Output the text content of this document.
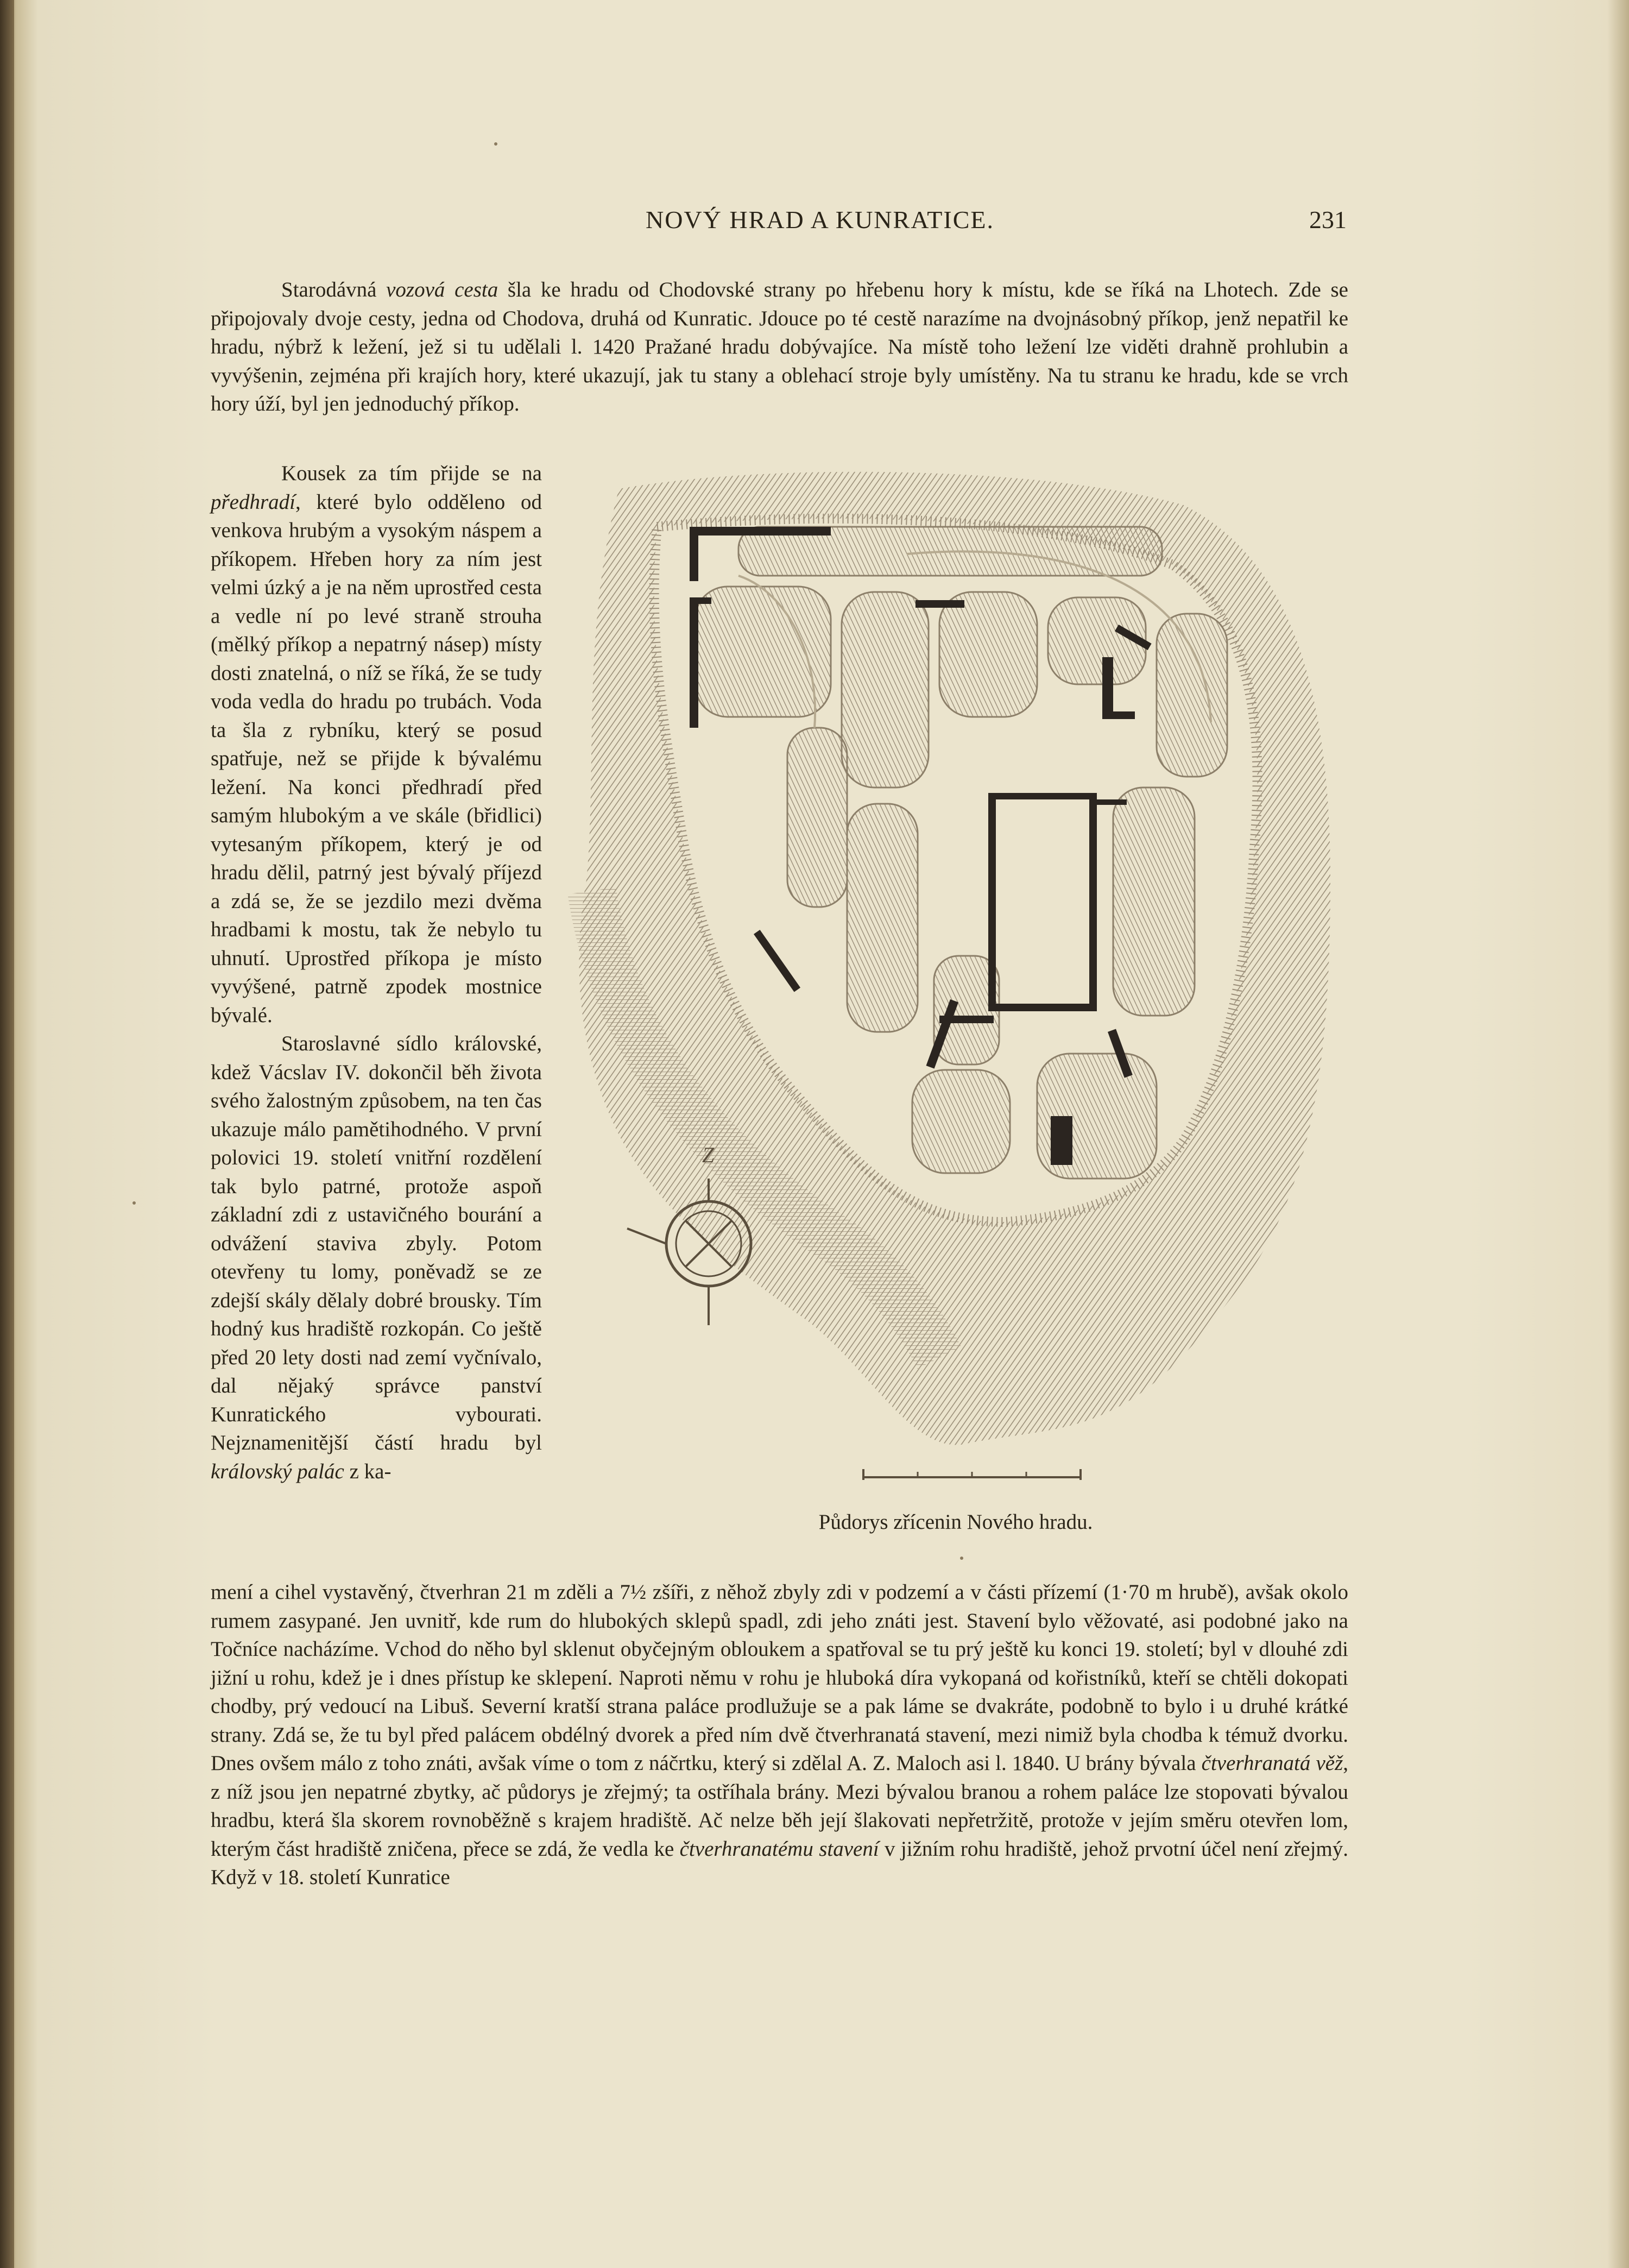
NOVÝ HRAD A KUNRATICE.	231

Starodávná vozová cesta šla ke hradu od Chodovské strany po hřebenu hory k místu, kde se říká na Lhotech. Zde se připojovaly dvoje cesty, jedna od Chodova, druhá od Kunratic. Jdouce po té cestě narazíme na dvojnásobný příkop, jenž nepatřil ke hradu, nýbrž k ležení, jež si tu udělali l. 1420 Pražané hradu dobývajíce. Na místě toho ležení lze viděti drahně prohlubin a vyvýšenin, zejména při krajích hory, které ukazují, jak tu stany a oblehací stroje byly umístěny. Na tu stranu ke hradu, kde se vrch hory úží, byl jen jednoduchý příkop.

Kousek za tím přijde se na předhradí, které bylo odděleno od venkova hrubým a vysokým náspem a příkopem. Hřeben hory za ním jest velmi úzký a je na něm uprostřed cesta a vedle ní po levé straně strouha (mělký příkop a nepatrný násep) místy dosti znatelná, o níž se říká, že se tudy voda vedla do hradu po trubách. Voda ta šla z rybníku, který se posud spatřuje, než se přijde k bývalému ležení. Na konci předhradí před samým hlubokým a ve skále (břidlici) vytesaným příkopem, který je od hradu dělil, patrný jest bývalý příjezd a zdá se, že se jezdilo mezi dvěma hradbami k mostu, tak že nebylo tu uhnutí. Uprostřed příkopa je místo vyvýšené, patrně zpodek mostnice bývalé.

Staroslavné sídlo královské, kdež Vácslav IV. dokončil běh života svého žalostným způsobem, na ten čas ukazuje málo pamětihodného. V první polovici 19. století vnitřní rozdělení tak bylo patrné, protože aspoň základní zdi z ustavičného bourání a odvážení staviva zbyly. Potom otevřeny tu lomy, poněvadž se ze zdejší skály dělaly dobré brousky. Tím hodný kus hradiště rozkopán. Co ještě před 20 lety dosti nad zemí vyčnívalo, dal nějaký správce panství Kunratického vybourati. Nejznamenitější částí hradu byl královský palác z ka-

mení a cihel vystavěný, čtverhran 21 m zděli a 7½ zšíři, z něhož zbyly zdi v podzemí a v části přízemí (1·70 m hrubě), avšak okolo rumem zasypané. Jen uvnitř, kde rum do hlubokých sklepů spadl, zdi jeho znáti jest. Stavení bylo věžovaté, asi podobné jako na Točníce nacházíme. Vchod do něho byl sklenut obyčejným obloukem a spatřoval se tu prý ještě ku konci 19. století; byl v dlouhé zdi jižní u rohu, kdež je i dnes přístup ke sklepení. Naproti němu v rohu je hluboká díra vykopaná od kořistníků, kteří se chtěli dokopati chodby, prý vedoucí na Libuš. Severní kratší strana paláce prodlužuje se a pak láme se dvakráte, podobně to bylo i u druhé krátké strany. Zdá se, že tu byl před palácem obdélný dvorek a před ním dvě čtverhranatá stavení, mezi nimiž byla chodba k témuž dvorku. Dnes ovšem málo z toho znáti, avšak víme o tom z náčrtku, který si zdělal A. Z. Maloch asi l. 1840. U brány bývala čtverhranatá věž, z níž jsou jen nepatrné zbytky, ač půdorys je zřejmý; ta ostříhala brány. Mezi bývalou branou a rohem paláce lze stopovati bývalou hradbu, která šla skorem rovnoběžně s krajem hradiště. Ač nelze běh její šlakovati nepřetržitě, protože v jejím směru otevřen lom, kterým část hradiště zničena, přece se zdá, že vedla ke čtverhranatému stavení v jižním rohu hradiště, jehož prvotní účel není zřejmý. Když v 18. století Kunratice

Z
Půdorys zřícenin Nového hradu.
